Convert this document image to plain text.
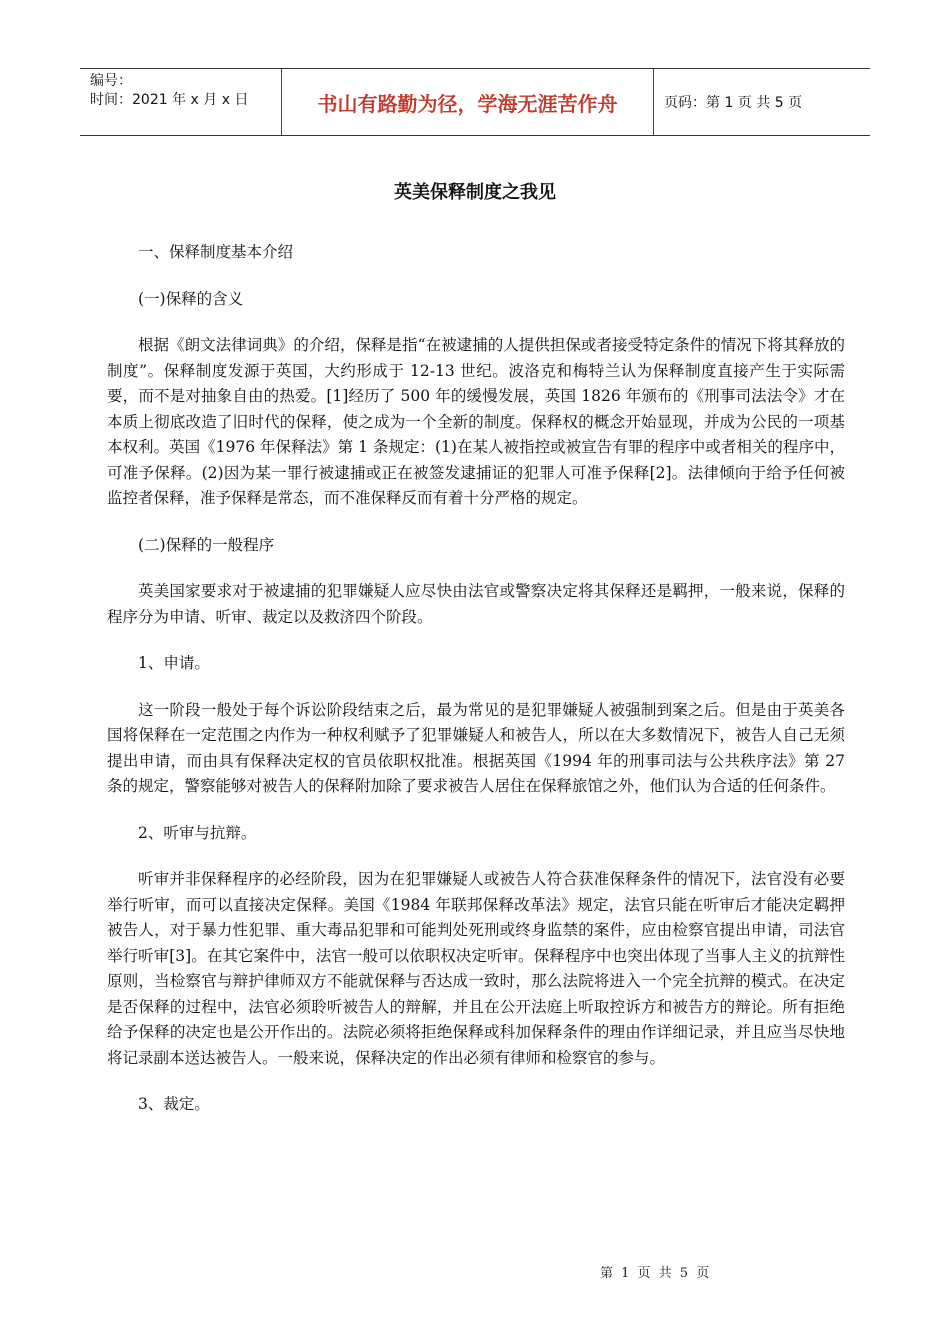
编号：
时间：2021 年 x 月 x 日	书山有路勤为径，学海无涯苦作舟	页码：第 1 页 共 5 页
英美保释制度之我见

一、保释制度基本介绍

(一)保释的含义

根据《朗文法律词典》的介绍，保释是指“在被逮捕的人提供担保或者接受特定条件的情况下将其释放的制度”。保释制度发源于英国，大约形成于 12-13 世纪。波洛克和梅特兰认为保释制度直接产生于实际需要，而不是对抽象自由的热爱。[1]经历了 500 年的缓慢发展，英国 1826 年颁布的《刑事司法法令》才在本质上彻底改造了旧时代的保释，使之成为一个全新的制度。保释权的概念开始显现，并成为公民的一项基本权利。英国《1976 年保释法》第 1 条规定：(1)在某人被指控或被宣告有罪的程序中或者相关的程序中，可准予保释。(2)因为某一罪行被逮捕或正在被签发逮捕证的犯罪人可准予保释[2]。法律倾向于给予任何被监控者保释，准予保释是常态，而不准保释反而有着十分严格的规定。

(二)保释的一般程序

英美国家要求对于被逮捕的犯罪嫌疑人应尽快由法官或警察决定将其保释还是羁押，一般来说，保释的程序分为申请、听审、裁定以及救济四个阶段。

1、申请。

这一阶段一般处于每个诉讼阶段结束之后，最为常见的是犯罪嫌疑人被强制到案之后。但是由于英美各国将保释在一定范围之内作为一种权利赋予了犯罪嫌疑人和被告人，所以在大多数情况下，被告人自己无须提出申请，而由具有保释决定权的官员依职权批准。根据英国《1994 年的刑事司法与公共秩序法》第 27 条的规定，警察能够对被告人的保释附加除了要求被告人居住在保释旅馆之外，他们认为合适的任何条件。

2、听审与抗辩。

听审并非保释程序的必经阶段，因为在犯罪嫌疑人或被告人符合获准保释条件的情况下，法官没有必要举行听审，而可以直接决定保释。美国《1984 年联邦保释改革法》规定，法官只能在听审后才能决定羁押被告人，对于暴力性犯罪、重大毒品犯罪和可能判处死刑或终身监禁的案件，应由检察官提出申请，司法官举行听审[3]。在其它案件中，法官一般可以依职权决定听审。保释程序中也突出体现了当事人主义的抗辩性原则，当检察官与辩护律师双方不能就保释与否达成一致时，那么法院将进入一个完全抗辩的模式。在决定是否保释的过程中，法官必须聆听被告人的辩解，并且在公开法庭上听取控诉方和被告方的辩论。所有拒绝给予保释的决定也是公开作出的。法院必须将拒绝保释或科加保释条件的理由作详细记录，并且应当尽快地将记录副本送达被告人。一般来说，保释决定的作出必须有律师和检察官的参与。

3、裁定。

第 1 页 共 5 页
